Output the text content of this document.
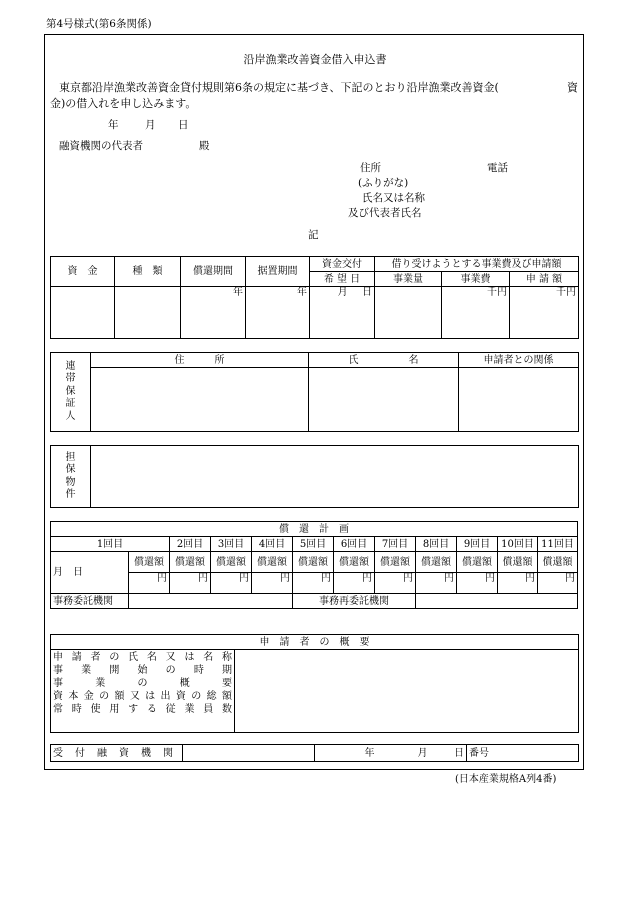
第4号様式(第6条関係)
沿岸漁業改善資金借入申込書
東京都沿岸漁業改善資金貸付規則第6条の規定に基づき、下記のとおり沿岸漁業改善資金(	資
金)の借入れを申し込みます。
年	月 日
融資機関の代表者	殿
住所	電話
(ふりがな)
氏名又は名称
及び代表者氏名
記
資　金	種　類	償還期間	据置期間	資金交付	借り受けようとする事業費及び申請額		
				希 望 日	事業量	事業費	申 請 額
		年	年	月 日		千円	千円
連
帯
保
証
人	住　　　所	氏　　　　　名	申請者との関係

担
保
物
件	
償　還　計　画												
1回目		2回目	3回目	4回目	5回目	6回目	7回目	8回目	9回目	10回目	11回目	
月　日	償還額	償還額	償還額	償還額	償還額	償還額	償還額	償還額	償還額	償還額	償還額	
	円	円	円	円	円	円	円	円	円	円	円	
事務委託機関					事務再委託機関							
申　請　者　の　概　要

申請者の氏名又は名称
事業開始の時期
事業の概要
資本金の額又は出資の総額
常時使用する従業員数

受　付　融　資　機　関			年	月	日	番号
(日本産業規格A列4番)
